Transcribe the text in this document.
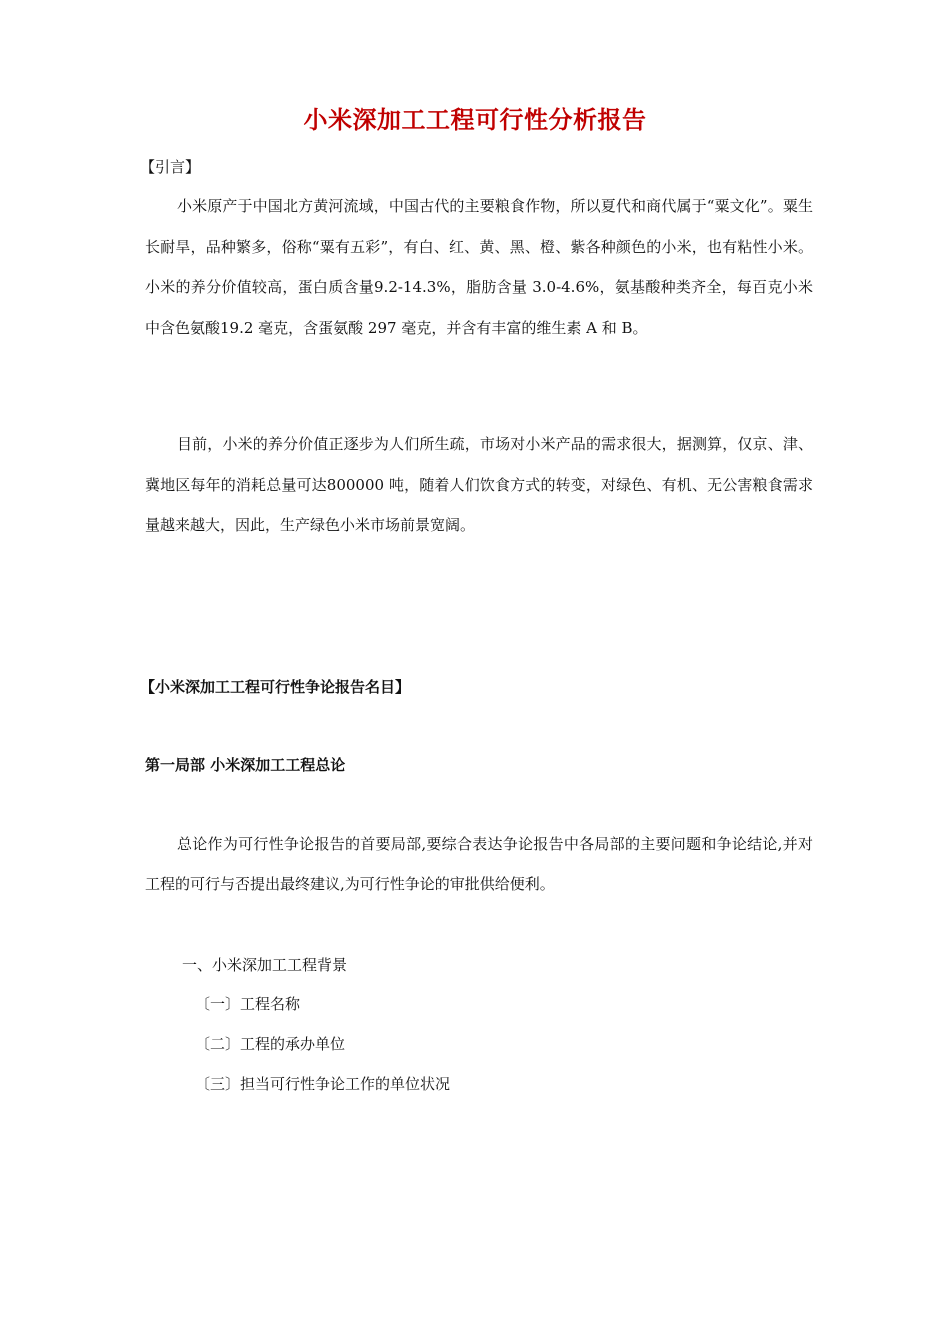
小米深加工工程可行性分析报告
【引言】
小米原产于中国北方黄河流域，中国古代的主要粮食作物，所以夏代和商代属于“粟文化”。粟生长耐旱，品种繁多，俗称“粟有五彩”，有白、红、黄、黑、橙、紫各种颜色的小米，也有粘性小米。小米的养分价值较高，蛋白质含量9.2-14.3%，脂肪含量 3.0-4.6%，氨基酸种类齐全，每百克小米中含色氨酸19.2 毫克，含蛋氨酸 297 毫克，并含有丰富的维生素 A 和 B。
目前，小米的养分价值正逐步为人们所生疏，市场对小米产品的需求很大，据测算，仅京、津、冀地区每年的消耗总量可达800000 吨，随着人们饮食方式的转变，对绿色、有机、无公害粮食需求量越来越大，因此，生产绿色小米市场前景宽阔。
【小米深加工工程可行性争论报告名目】
第一局部 小米深加工工程总论
总论作为可行性争论报告的首要局部,要综合表达争论报告中各局部的主要问题和争论结论,并对工程的可行与否提出最终建议,为可行性争论的审批供给便利。
一、小米深加工工程背景
〔一〕工程名称
〔二〕工程的承办单位
〔三〕担当可行性争论工作的单位状况
